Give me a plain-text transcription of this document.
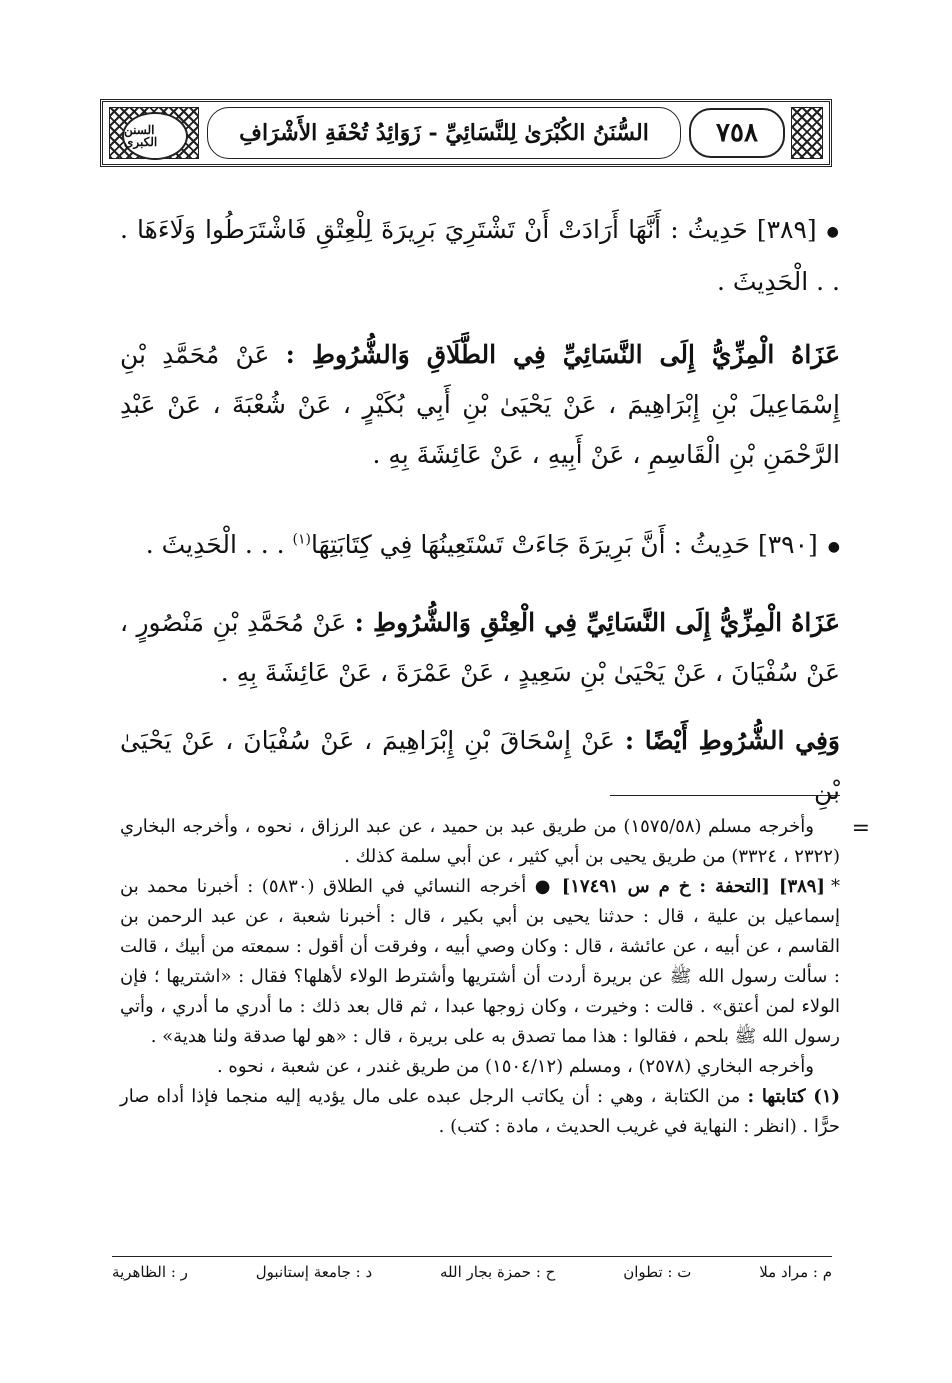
السنن الكبرى	السُّنَنُ الكُبْرَىٰ لِلنَّسَائِيِّ - زَوَائِدُ تُحْفَةِ الأَشْرَافِ	٧٥٨
● [٣٨٩] حَدِيثُ : أَنَّهَا أَرَادَتْ أَنْ تَشْتَرِيَ بَرِيرَةَ لِلْعِتْقِ فَاشْتَرَطُوا وَلَاءَهَا . . . الْحَدِيثَ .
عَزَاهُ الْمِزِّيُّ إِلَى النَّسَائِيِّ فِي الطَّلَاقِ وَالشُّرُوطِ : عَنْ مُحَمَّدِ بْنِ إِسْمَاعِيلَ بْنِ إِبْرَاهِيمَ ، عَنْ يَحْيَىٰ بْنِ أَبِي بُكَيْرٍ ، عَنْ شُعْبَةَ ، عَنْ عَبْدِ الرَّحْمَنِ بْنِ الْقَاسِمِ ، عَنْ أَبِيهِ ، عَنْ عَائِشَةَ بِهِ .
● [٣٩٠] حَدِيثُ : أَنَّ بَرِيرَةَ جَاءَتْ تَسْتَعِينُهَا فِي كِتَابَتِهَا$^{(١)}$ . . . الْحَدِيثَ .
عَزَاهُ الْمِزِّيُّ إِلَى النَّسَائِيِّ فِي الْعِتْقِ وَالشُّرُوطِ : عَنْ مُحَمَّدِ بْنِ مَنْصُورٍ ، عَنْ سُفْيَانَ ، عَنْ يَحْيَىٰ بْنِ سَعِيدٍ ، عَنْ عَمْرَةَ ، عَنْ عَائِشَةَ بِهِ .
وَفِي الشُّرُوطِ أَيْضًا : عَنْ إِسْحَاقَ بْنِ إِبْرَاهِيمَ ، عَنْ سُفْيَانَ ، عَنْ يَحْيَىٰ بْنِ
=

وأخرجه مسلم (١٥٧٥/٥٨) من طريق عبد بن حميد ، عن عبد الرزاق ، نحوه ، وأخرجه البخاري (٢٣٢٢ ، ٣٣٢٤) من طريق يحيى بن أبي كثير ، عن أبي سلمة كذلك .

*[٣٨٩] [التحفة : خ م س ١٧٤٩١] ● أخرجه النسائي في الطلاق (٥٨٣٠) : أخبرنا محمد بن إسماعيل بن علية ، قال : حدثنا يحيى بن أبي بكير ، قال : أخبرنا شعبة ، عن عبد الرحمن بن القاسم ، عن أبيه ، عن عائشة ، قال : وكان وصي أبيه ، وفرقت أن أقول : سمعته من أبيك ، قالت : سألت رسول الله ﷺ عن بريرة أردت أن أشتريها وأشترط الولاء لأهلها؟ فقال : «اشتريها ؛ فإن الولاء لمن أعتق» . قالت : وخيرت ، وكان زوجها عبدا ، ثم قال بعد ذلك : ما أدري ما أدري ، وأتي رسول الله ﷺ بلحم ، فقالوا : هذا مما تصدق به على بريرة ، قال : «هو لها صدقة ولنا هدية» .

وأخرجه البخاري (٢٥٧٨) ، ومسلم (١٥٠٤/١٢) من طريق غندر ، عن شعبة ، نحوه .

(١) كتابتها : من الكتابة ، وهي : أن يكاتب الرجل عبده على مال يؤديه إليه منجما فإذا أداه صار حرًّا . (انظر : النهاية في غريب الحديث ، مادة : كتب) .

م : مراد ملا
ت : تطوان
ح : حمزة بجار الله
د : جامعة إستانبول
ر : الظاهرية
